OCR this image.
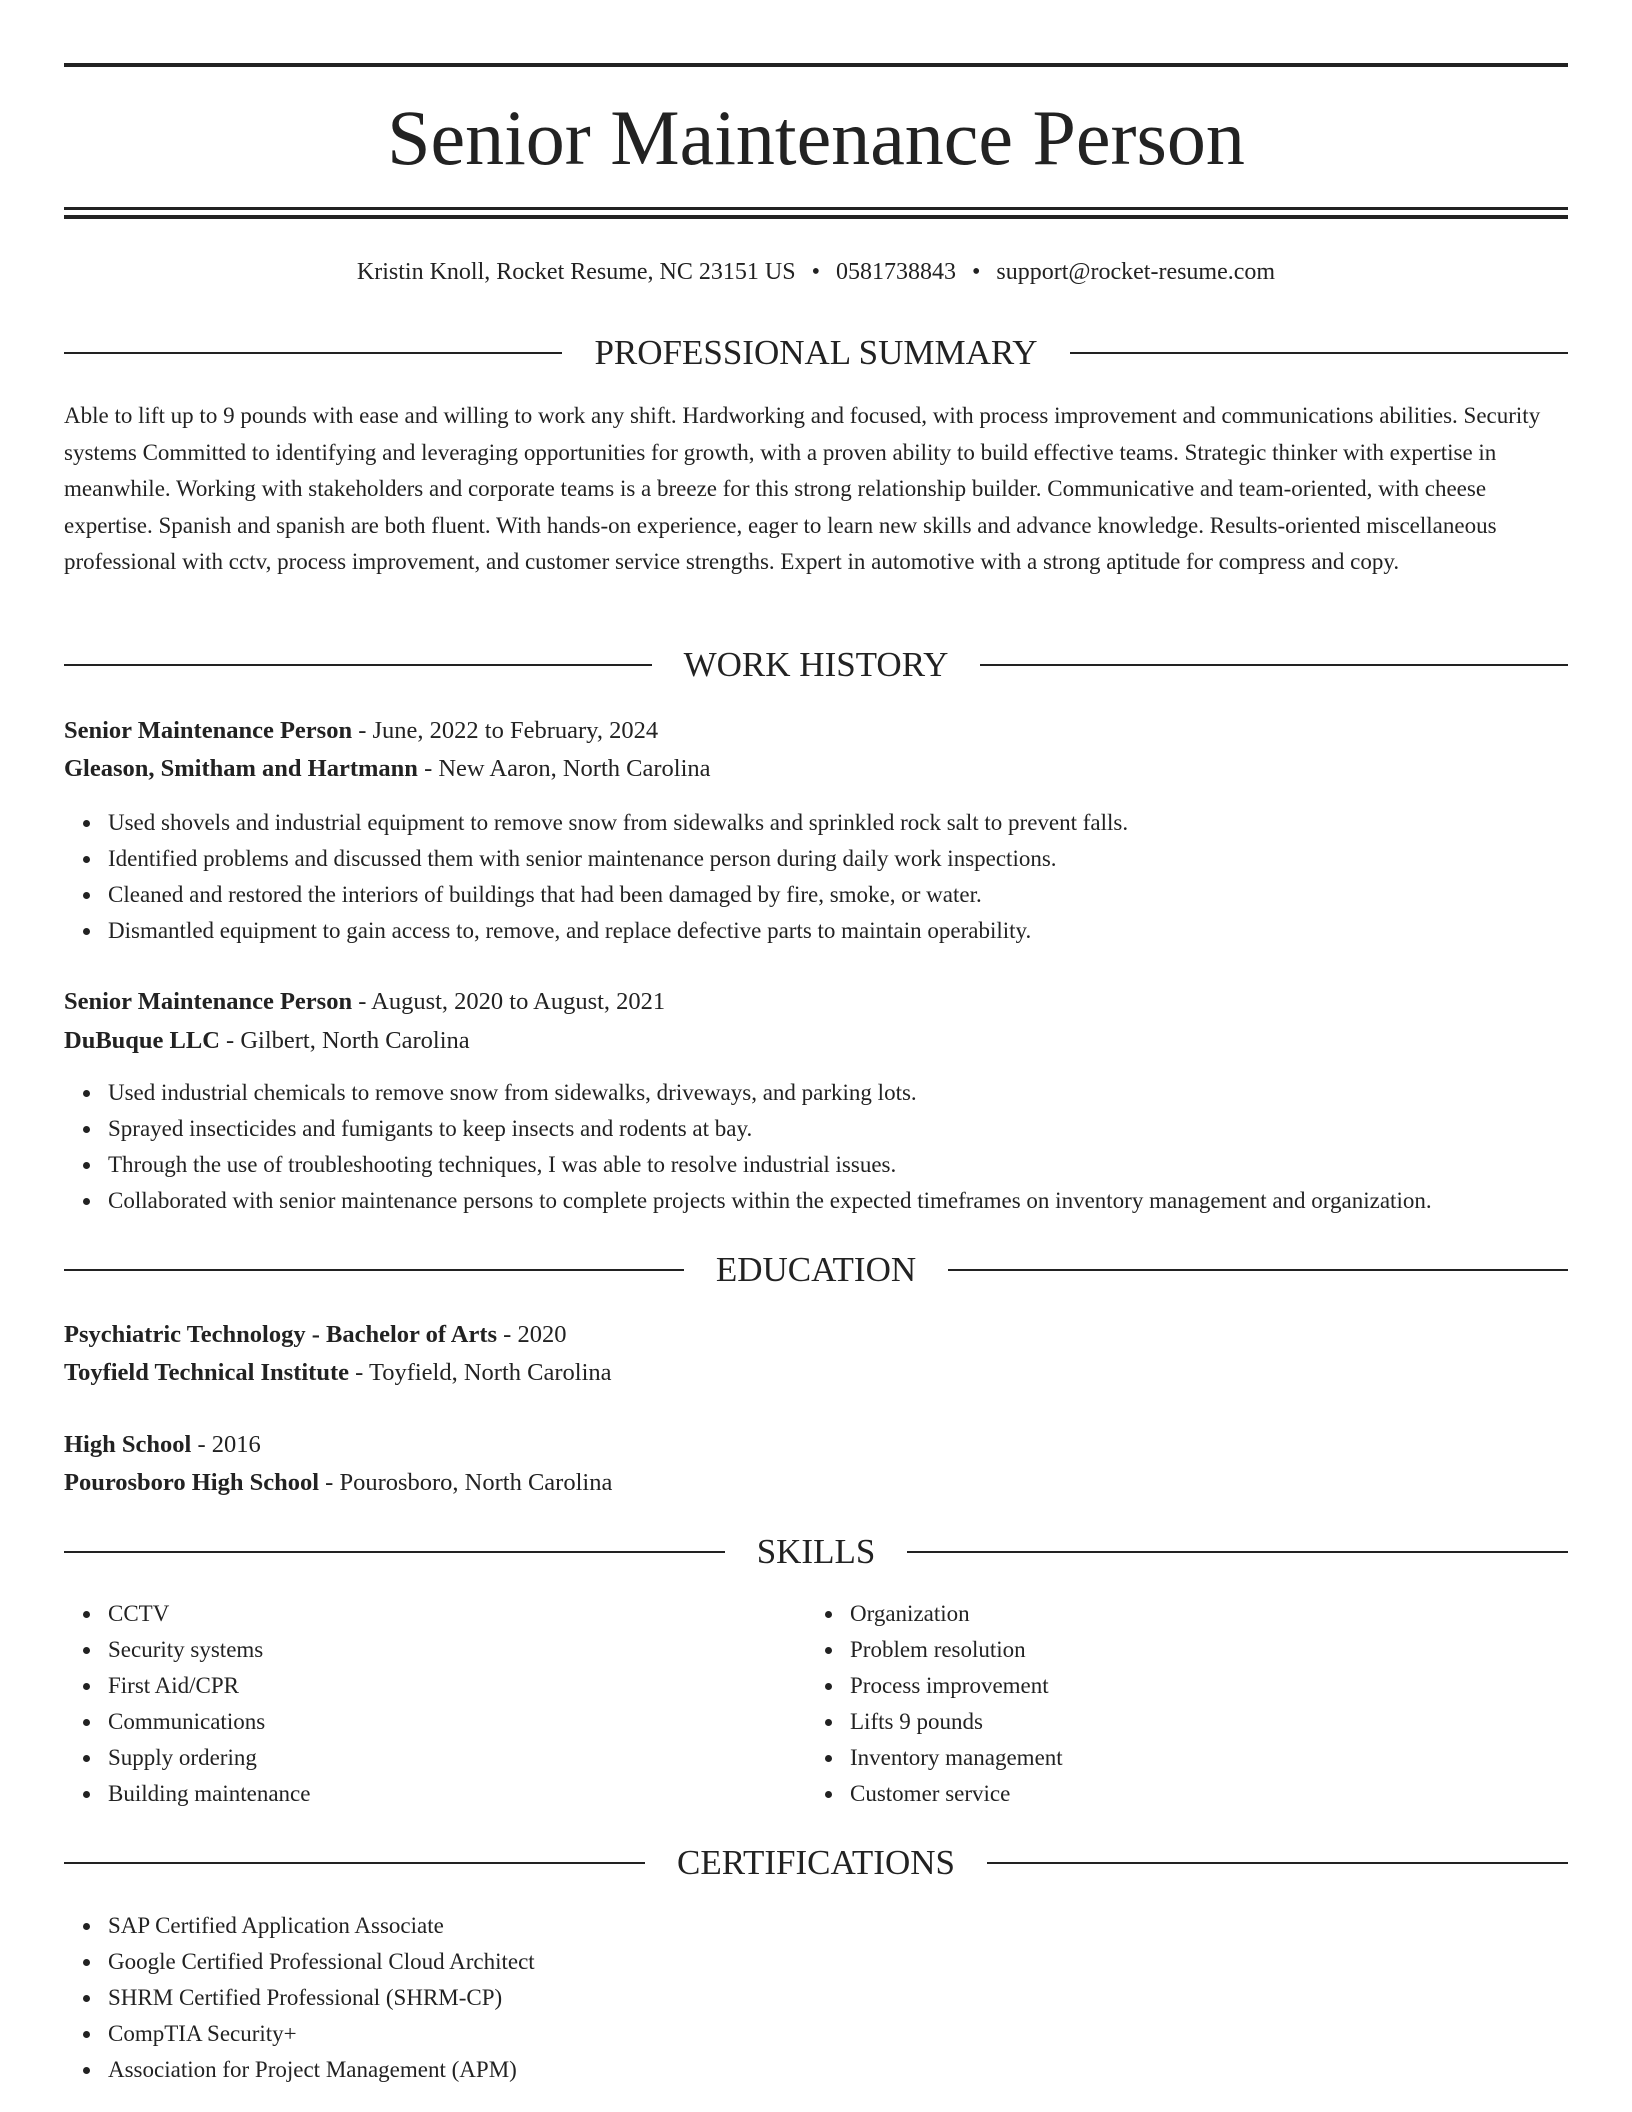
Senior Maintenance Person
Kristin Knoll, Rocket Resume, NC 23151 US • 0581738843 • support@rocket-resume.com
PROFESSIONAL SUMMARY

Able to lift up to 9 pounds with ease and willing to work any shift. Hardworking and focused, with process improvement and communications abilities. Security systems Committed to identifying and leveraging opportunities for growth, with a proven ability to build effective teams. Strategic thinker with expertise in meanwhile. Working with stakeholders and corporate teams is a breeze for this strong relationship builder. Communicative and team-oriented, with cheese expertise. Spanish and spanish are both fluent. With hands-on experience, eager to learn new skills and advance knowledge. Results-oriented miscellaneous professional with cctv, process improvement, and customer service strengths. Expert in automotive with a strong aptitude for compress and copy.

WORK HISTORY
Senior Maintenance Person - June, 2022 to February, 2024
Gleason, Smitham and Hartmann - New Aaron, North Carolina
Used shovels and industrial equipment to remove snow from sidewalks and sprinkled rock salt to prevent falls.
Identified problems and discussed them with senior maintenance person during daily work inspections.
Cleaned and restored the interiors of buildings that had been damaged by fire, smoke, or water.
Dismantled equipment to gain access to, remove, and replace defective parts to maintain operability.
Senior Maintenance Person - August, 2020 to August, 2021
DuBuque LLC - Gilbert, North Carolina
Used industrial chemicals to remove snow from sidewalks, driveways, and parking lots.
Sprayed insecticides and fumigants to keep insects and rodents at bay.
Through the use of troubleshooting techniques, I was able to resolve industrial issues.
Collaborated with senior maintenance persons to complete projects within the expected timeframes on inventory management and organization.
EDUCATION
Psychiatric Technology - Bachelor of Arts - 2020
Toyfield Technical Institute - Toyfield, North Carolina
High School - 2016
Pourosboro High School - Pourosboro, North Carolina
SKILLS
CCTV
Security systems
First Aid/CPR
Communications
Supply ordering
Building maintenance
Organization
Problem resolution
Process improvement
Lifts 9 pounds
Inventory management
Customer service
CERTIFICATIONS
SAP Certified Application Associate
Google Certified Professional Cloud Architect
SHRM Certified Professional (SHRM-CP)
CompTIA Security+
Association for Project Management (APM)
